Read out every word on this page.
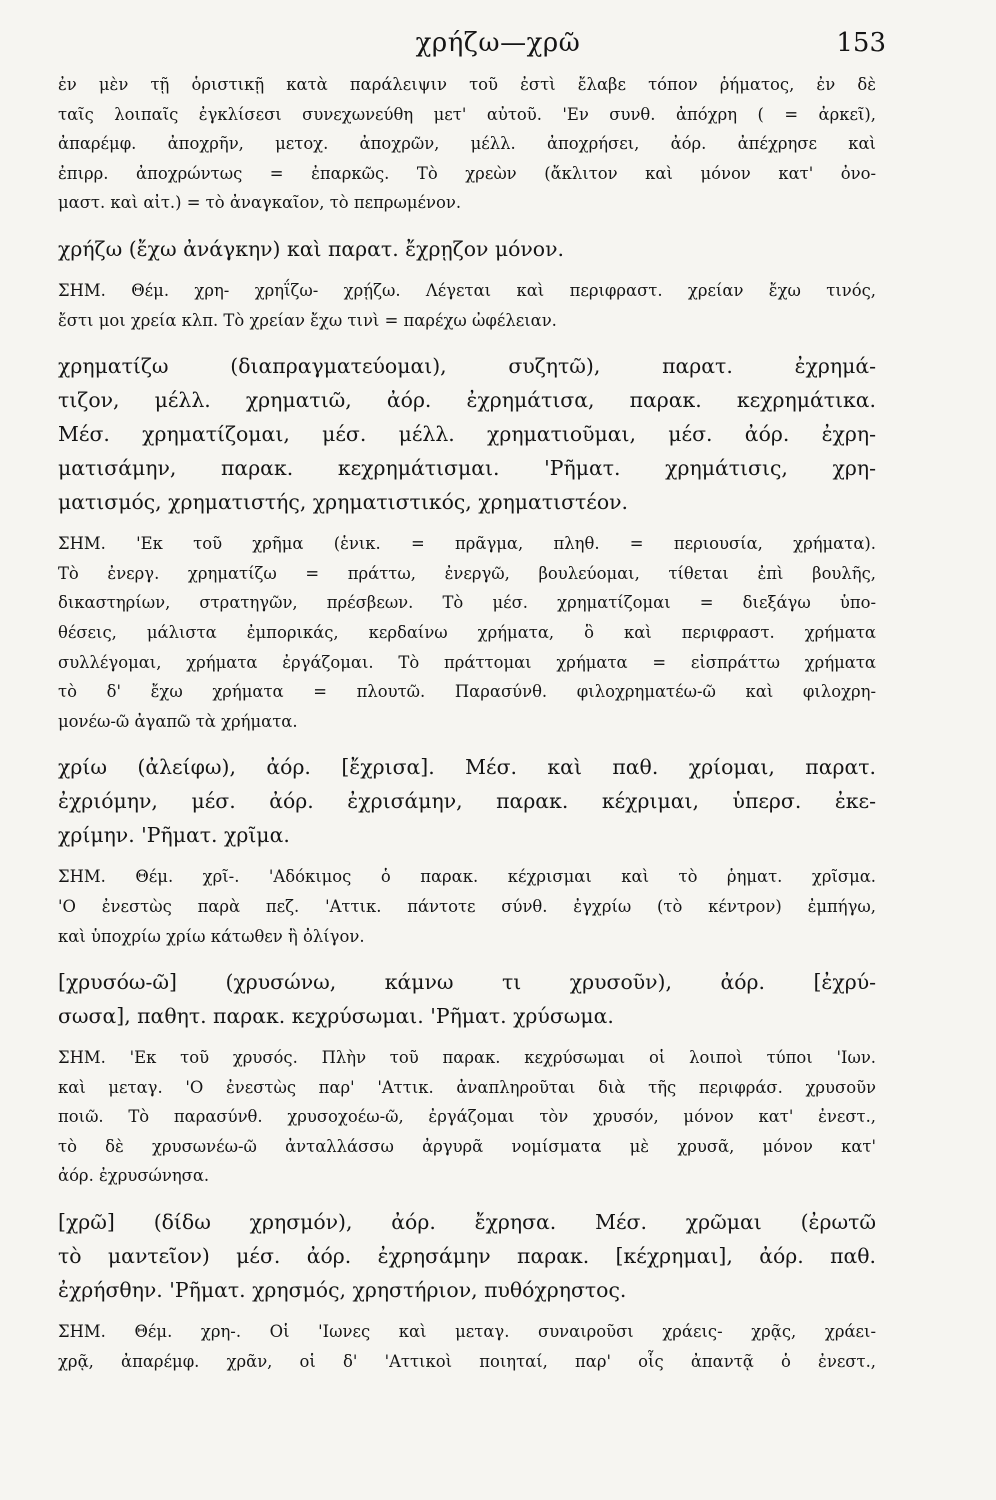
χρήζω—χρῶ	153
ἐν μὲν τῇ ὁριστικῇ κατὰ παράλειψιν τοῦ ἐστὶ ἔλαβε τόπον ῥήματος, ἐν δὲ
ταῖς λοιπαῖς ἐγκλίσεσι συνεχωνεύθη μετ' αὐτοῦ. 'Εν συνθ. ἀπόχρη ( = ἀρκεῖ),
ἀπαρέμφ. ἀποχρῆν, μετοχ. ἀποχρῶν, μέλλ. ἀποχρήσει, ἀόρ. ἀπέχρησε καὶ
ἐπιρρ. ἀποχρώντως = ἐπαρκῶς. Τὸ χρεὼν (ἄκλιτον καὶ μόνον κατ' ὀνο-
μαστ. καὶ αἰτ.) = τὸ ἀναγκαῖον, τὸ πεπρωμένον.
χρήζω (ἔχω ἀνάγκην) καὶ παρατ. ἔχρῃζον μόνον.
ΣΗΜ. Θέμ. χρη- χρηΐζω- χρῄζω. Λέγεται καὶ περιφραστ. χρείαν ἔχω τινός,
ἔστι μοι χρεία κλπ. Τὸ χρείαν ἔχω τινὶ = παρέχω ὠφέλειαν.
χρηματίζω (διαπραγματεύομαι), συζητῶ), παρατ. ἐχρημά-
τιζον, μέλλ. χρηματιῶ, ἀόρ. ἐχρημάτισα, παρακ. κεχρημάτικα.
Μέσ. χρηματίζομαι, μέσ. μέλλ. χρηματιοῦμαι, μέσ. ἀόρ. ἐχρη-
ματισάμην, παρακ. κεχρημάτισμαι. 'Ρῆματ. χρημάτισις, χρη-
ματισμός, χρηματιστής, χρηματιστικός, χρηματιστέον.
ΣΗΜ. 'Εκ τοῦ χρῆμα (ἑνικ. = πρᾶγμα, πληθ. = περιουσία, χρήματα).
Τὸ ἐνεργ. χρηματίζω = πράττω, ἐνεργῶ, βουλεύομαι, τίθεται ἐπὶ βουλῆς,
δικαστηρίων, στρατηγῶν, πρέσβεων. Τὸ μέσ. χρηματίζομαι = διεξάγω ὑπο-
θέσεις, μάλιστα ἐμπορικάς, κερδαίνω χρήματα, ὃ καὶ περιφραστ. χρήματα
συλλέγομαι, χρήματα ἐργάζομαι. Τὸ πράττομαι χρήματα = εἰσπράττω χρήματα
τὸ δ' ἔχω χρήματα = πλουτῶ. Παρασύνθ. φιλοχρηματέω-ῶ καὶ φιλοχρη-
μονέω-ῶ ἀγαπῶ τὰ χρήματα.
χρίω (ἀλείφω), ἀόρ. [ἔχρισα]. Μέσ. καὶ παθ. χρίομαι, παρατ.
ἐχριόμην, μέσ. ἀόρ. ἐχρισάμην, παρακ. κέχριμαι, ὑπερσ. ἐκε-
χρίμην. 'Ρῆματ. χρῖμα.
ΣΗΜ. Θέμ. χρῖ-. 'Αδόκιμος ὁ παρακ. κέχρισμαι καὶ τὸ ῥηματ. χρῖσμα.
'Ο ἐνεστὼς παρὰ πεζ. 'Αττικ. πάντοτε σύνθ. ἐγχρίω (τὸ κέντρον) ἐμπήγω,
καὶ ὑποχρίω χρίω κάτωθεν ἢ ὀλίγον.
[χρυσόω-ῶ] (χρυσώνω, κάμνω τι χρυσοῦν), ἀόρ. [ἐχρύ-
σωσα], παθητ. παρακ. κεχρύσωμαι. 'Ρῆματ. χρύσωμα.
ΣΗΜ. 'Εκ τοῦ χρυσός. Πλὴν τοῦ παρακ. κεχρύσωμαι οἱ λοιποὶ τύποι 'Ιων.
καὶ μεταγ. 'Ο ἐνεστὼς παρ' 'Αττικ. ἀναπληροῦται διὰ τῆς περιφράσ. χρυσοῦν
ποιῶ. Τὸ παρασύνθ. χρυσοχοέω-ῶ, ἐργάζομαι τὸν χρυσόν, μόνον κατ' ἐνεστ.,
τὸ δὲ χρυσωνέω-ῶ ἀνταλλάσσω ἀργυρᾶ νομίσματα μὲ χρυσᾶ, μόνον κατ'
ἀόρ. ἐχρυσώνησα.
[χρῶ] (δίδω χρησμόν), ἀόρ. ἔχρησα. Μέσ. χρῶμαι (ἐρωτῶ
τὸ μαντεῖον) μέσ. ἀόρ. ἐχρησάμην παρακ. [κέχρημαι], ἀόρ. παθ.
ἐχρήσθην. 'Ρῆματ. χρησμός, χρηστήριον, πυθόχρηστος.
ΣΗΜ. Θέμ. χρη-. Οἱ 'Ιωνες καὶ μεταγ. συναιροῦσι χράεις- χρᾷς, χράει-
χρᾷ, ἀπαρέμφ. χρᾶν, οἱ δ' 'Αττικοὶ ποιηταί, παρ' οἷς ἀπαντᾷ ὁ ἐνεστ.,
